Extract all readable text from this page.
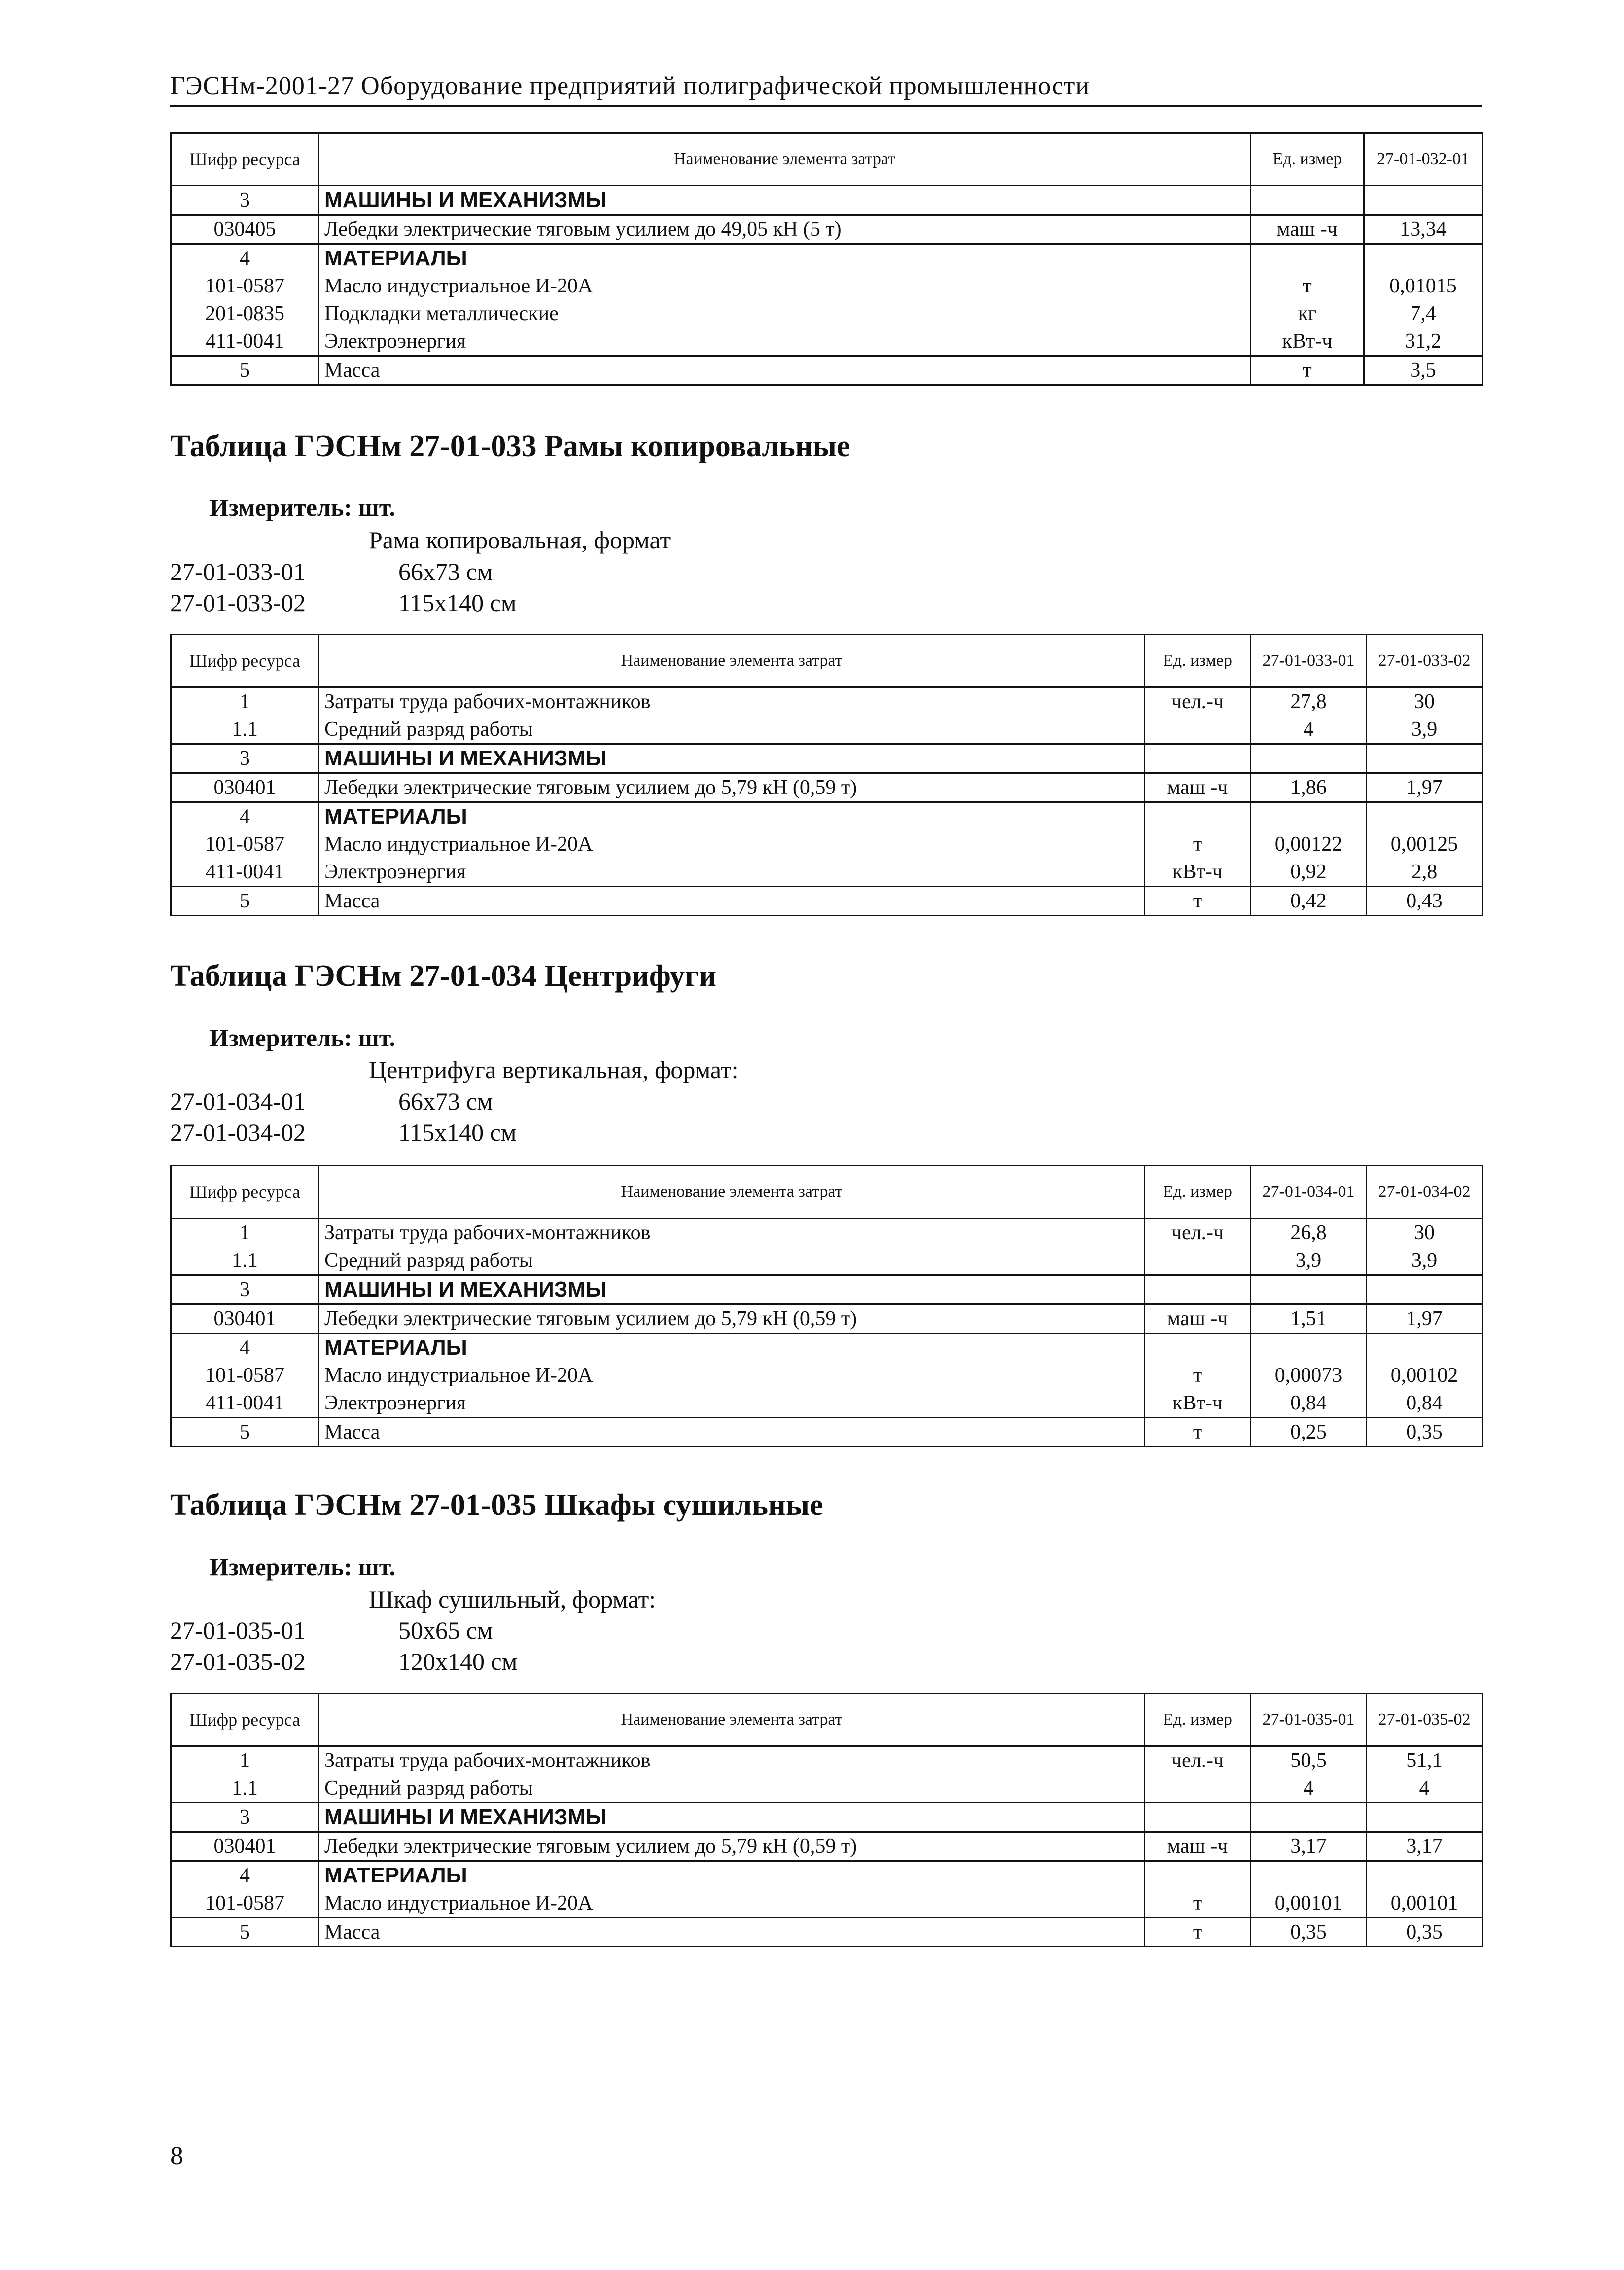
ГЭСНм-2001-27 Оборудование предприятий полиграфической промышленности
Шифр ресурса	Наименование элемента затрат	Ед. измер	27-01-032-01
3	МАШИНЫ И МЕХАНИЗМЫ		
030405	Лебедки электрические тяговым усилием до 49,05 кН (5 т)	маш -ч	13,34
4	МАТЕРИАЛЫ		
101-0587	Масло индустриальное И-20А	т	0,01015
201-0835	Подкладки металлические	кг	7,4
411-0041	Электроэнергия	кВт-ч	31,2
5	Масса	т	3,5
Таблица ГЭСНм 27-01-033 Рамы копировальные
Измеритель: шт.
Рама копировальная, формат
27-01-033-01	66x73 см
27-01-033-02	115x140 см
Шифр ресурса	Наименование элемента затрат	Ед. измер	27-01-033-01	27-01-033-02
1	Затраты труда рабочих-монтажников	чел.-ч	27,8	30
1.1	Средний разряд работы		4	3,9
3	МАШИНЫ И МЕХАНИЗМЫ			
030401	Лебедки электрические тяговым усилием до 5,79 кН (0,59 т)	маш -ч	1,86	1,97
4	МАТЕРИАЛЫ			
101-0587	Масло индустриальное И-20А	т	0,00122	0,00125
411-0041	Электроэнергия	кВт-ч	0,92	2,8
5	Масса	т	0,42	0,43
Таблица ГЭСНм 27-01-034 Центрифуги
Измеритель: шт.
Центрифуга вертикальная, формат:
27-01-034-01	66x73 см
27-01-034-02	115x140 см
Шифр ресурса	Наименование элемента затрат	Ед. измер	27-01-034-01	27-01-034-02
1	Затраты труда рабочих-монтажников	чел.-ч	26,8	30
1.1	Средний разряд работы		3,9	3,9
3	МАШИНЫ И МЕХАНИЗМЫ			
030401	Лебедки электрические тяговым усилием до 5,79 кН (0,59 т)	маш -ч	1,51	1,97
4	МАТЕРИАЛЫ			
101-0587	Масло индустриальное И-20А	т	0,00073	0,00102
411-0041	Электроэнергия	кВт-ч	0,84	0,84
5	Масса	т	0,25	0,35
Таблица ГЭСНм 27-01-035 Шкафы сушильные
Измеритель: шт.
Шкаф сушильный, формат:
27-01-035-01	50x65 см
27-01-035-02	120x140 см
Шифр ресурса	Наименование элемента затрат	Ед. измер	27-01-035-01	27-01-035-02
1	Затраты труда рабочих-монтажников	чел.-ч	50,5	51,1
1.1	Средний разряд работы		4	4
3	МАШИНЫ И МЕХАНИЗМЫ			
030401	Лебедки электрические тяговым усилием до 5,79 кН (0,59 т)	маш -ч	3,17	3,17
4	МАТЕРИАЛЫ			
101-0587	Масло индустриальное И-20А	т	0,00101	0,00101
5	Масса	т	0,35	0,35
8
